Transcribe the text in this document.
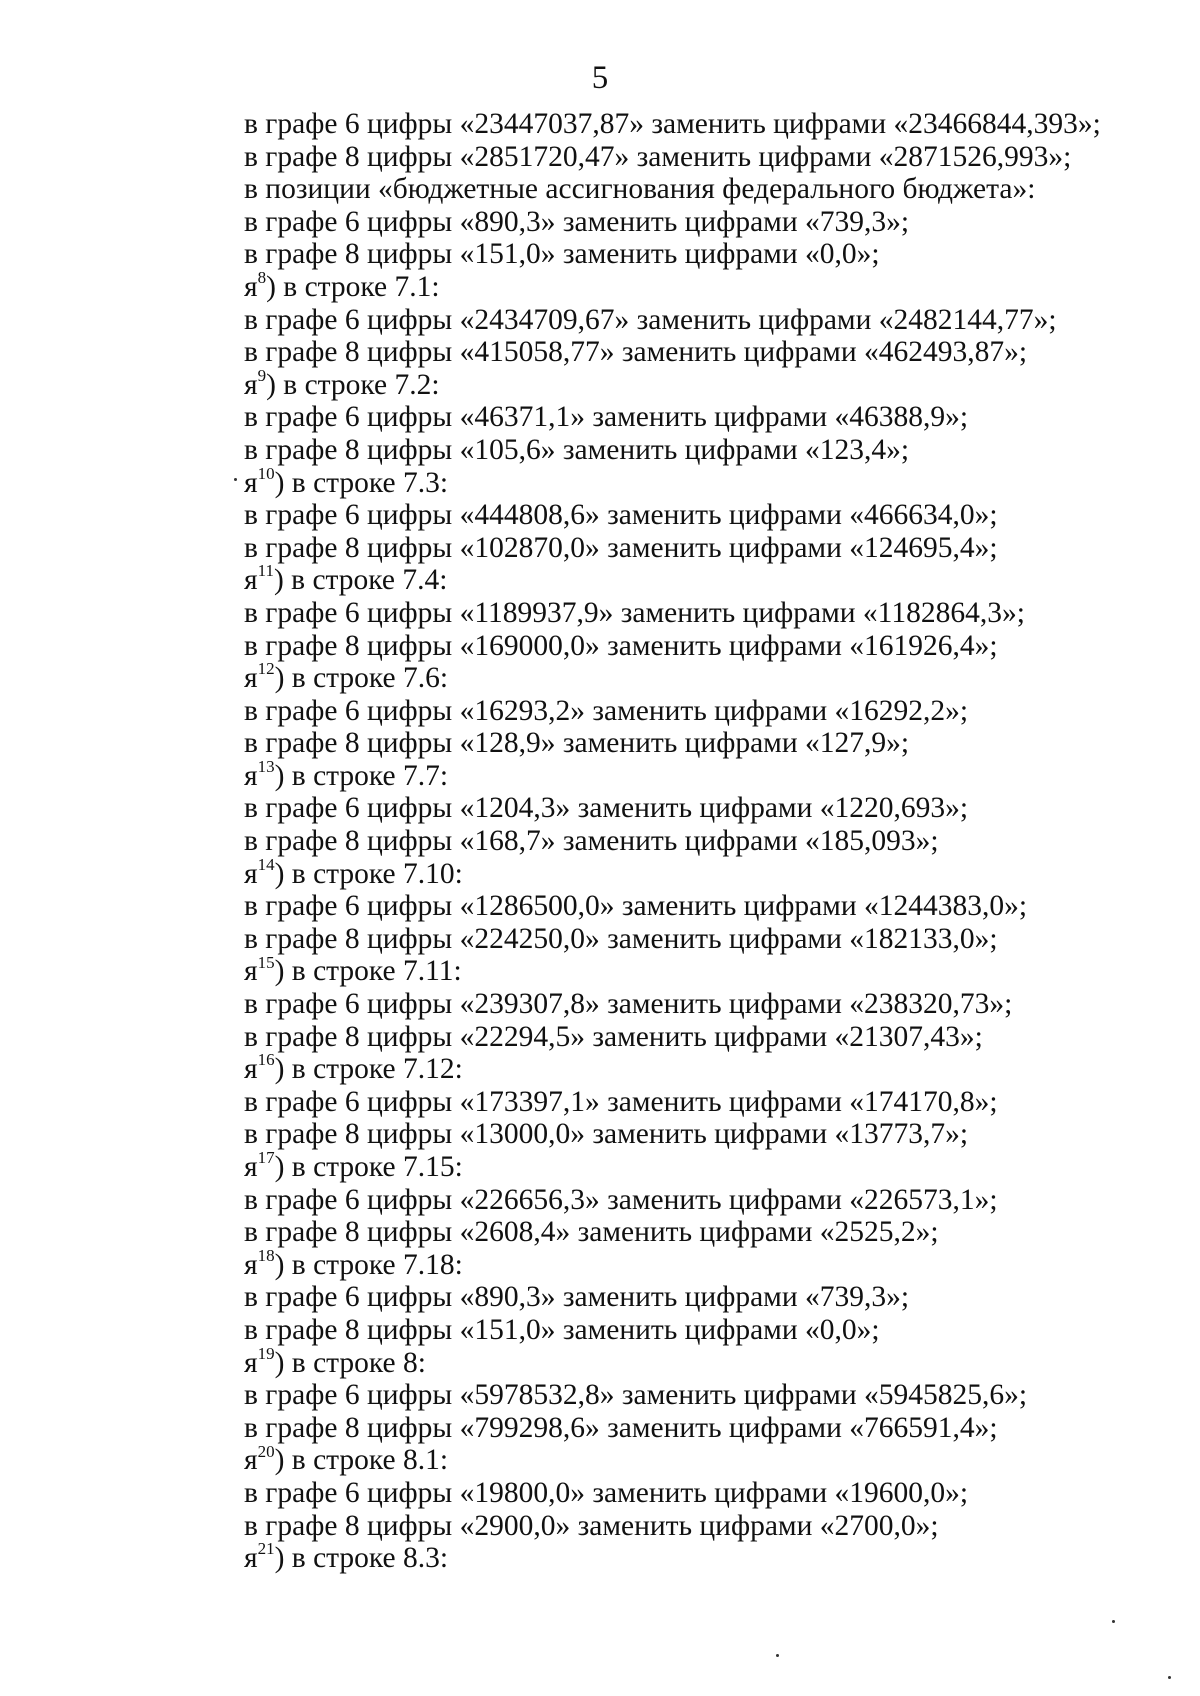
5
в графе 6 цифры «23447037,87» заменить цифрами «23466844,393»;
в графе 8 цифры «2851720,47» заменить цифрами «2871526,993»;
в позиции «бюджетные ассигнования федерального бюджета»:
в графе 6 цифры «890,3» заменить цифрами «739,3»;
в графе 8 цифры «151,0» заменить цифрами «0,0»;
$я^8$) в строке 7.1:
в графе 6 цифры «2434709,67» заменить цифрами «2482144,77»;
в графе 8 цифры «415058,77» заменить цифрами «462493,87»;
$я^9$) в строке 7.2:
в графе 6 цифры «46371,1» заменить цифрами «46388,9»;
в графе 8 цифры «105,6» заменить цифрами «123,4»;
$я^{10}$) в строке 7.3:
в графе 6 цифры «444808,6» заменить цифрами «466634,0»;
в графе 8 цифры «102870,0» заменить цифрами «124695,4»;
$я^{11}$) в строке 7.4:
в графе 6 цифры «1189937,9» заменить цифрами «1182864,3»;
в графе 8 цифры «169000,0» заменить цифрами «161926,4»;
$я^{12}$) в строке 7.6:
в графе 6 цифры «16293,2» заменить цифрами «16292,2»;
в графе 8 цифры «128,9» заменить цифрами «127,9»;
$я^{13}$) в строке 7.7:
в графе 6 цифры «1204,3» заменить цифрами «1220,693»;
в графе 8 цифры «168,7» заменить цифрами «185,093»;
$я^{14}$) в строке 7.10:
в графе 6 цифры «1286500,0» заменить цифрами «1244383,0»;
в графе 8 цифры «224250,0» заменить цифрами «182133,0»;
$я^{15}$) в строке 7.11:
в графе 6 цифры «239307,8» заменить цифрами «238320,73»;
в графе 8 цифры «22294,5» заменить цифрами «21307,43»;
$я^{16}$) в строке 7.12:
в графе 6 цифры «173397,1» заменить цифрами «174170,8»;
в графе 8 цифры «13000,0» заменить цифрами «13773,7»;
$я^{17}$) в строке 7.15:
в графе 6 цифры «226656,3» заменить цифрами «226573,1»;
в графе 8 цифры «2608,4» заменить цифрами «2525,2»;
$я^{18}$) в строке 7.18:
в графе 6 цифры «890,3» заменить цифрами «739,3»;
в графе 8 цифры «151,0» заменить цифрами «0,0»;
$я^{19}$) в строке 8:
в графе 6 цифры «5978532,8» заменить цифрами «5945825,6»;
в графе 8 цифры «799298,6» заменить цифрами «766591,4»;
$я^{20}$) в строке 8.1:
в графе 6 цифры «19800,0» заменить цифрами «19600,0»;
в графе 8 цифры «2900,0» заменить цифрами «2700,0»;
$я^{21}$) в строке 8.3:
